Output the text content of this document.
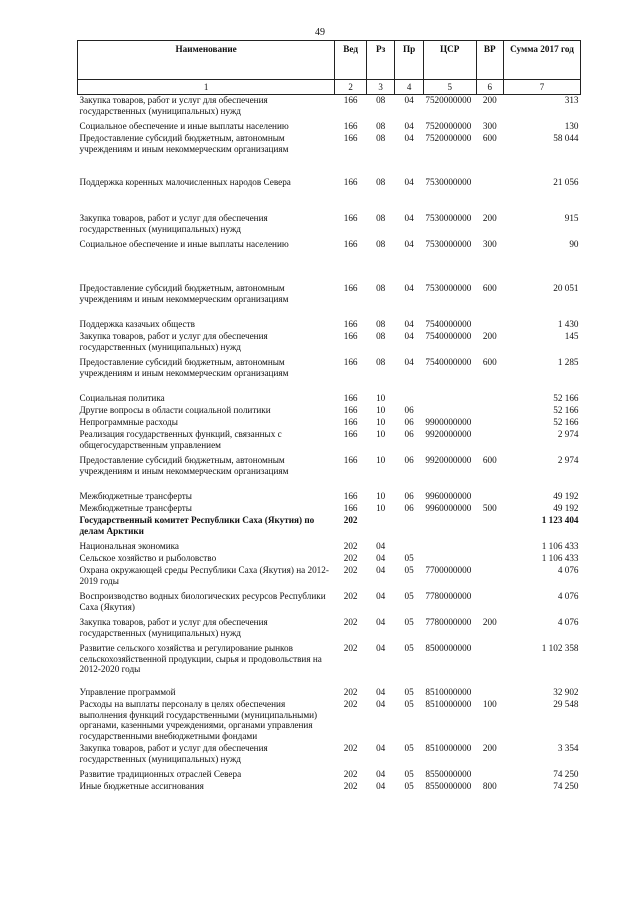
49
Наименование	Вед	Рз	Пр	ЦСР	ВР	Сумма 2017 год
1	2	3	4	5	6	7
Закупка товаров, работ и услуг для обеспечения государственных (муниципальных) нужд	166	08	04	7520000000	200	313
Социальное обеспечение и иные выплаты населению	166	08	04	7520000000	300	130
Предоставление субсидий бюджетным, автономным учреждениям и иным некоммерческим организациям	166	08	04	7520000000	600	58 044
Поддержка коренных малочисленных народов Севера	166	08	04	7530000000		21 056
Закупка товаров, работ и услуг для обеспечения государственных (муниципальных) нужд	166	08	04	7530000000	200	915
Социальное обеспечение и иные выплаты населению	166	08	04	7530000000	300	90
Предоставление субсидий бюджетным, автономным учреждениям и иным некоммерческим организациям	166	08	04	7530000000	600	20 051
Поддержка казачьих обществ	166	08	04	7540000000		1 430
Закупка товаров, работ и услуг для обеспечения государственных (муниципальных) нужд	166	08	04	7540000000	200	145
Предоставление субсидий бюджетным, автономным учреждениям и иным некоммерческим организациям	166	08	04	7540000000	600	1 285
Социальная политика	166	10				52 166
Другие вопросы в области социальной политики	166	10	06			52 166
Непрограммные расходы	166	10	06	9900000000		52 166
Реализация государственных функций, связанных с общегосударственным управлением	166	10	06	9920000000		2 974
Предоставление субсидий бюджетным, автономным учреждениям и иным некоммерческим организациям	166	10	06	9920000000	600	2 974
Межбюджетные трансферты	166	10	06	9960000000		49 192
Межбюджетные трансферты	166	10	06	9960000000	500	49 192
Государственный комитет Республики Саха (Якутия) по делам Арктики	202					1 123 404
Национальная экономика	202	04				1 106 433
Сельское хозяйство и рыболовство	202	04	05			1 106 433
Охрана окружающей среды Республики Саха (Якутия) на 2012-2019 годы	202	04	05	7700000000		4 076
Воспроизводство водных биологических ресурсов Республики Саха (Якутия)	202	04	05	7780000000		4 076
Закупка товаров, работ и услуг для обеспечения государственных (муниципальных) нужд	202	04	05	7780000000	200	4 076
Развитие сельского хозяйства и регулирование рынков сельскохозяйственной продукции, сырья и продовольствия на 2012-2020 годы	202	04	05	8500000000		1 102 358
Управление программой	202	04	05	8510000000		32 902
Расходы на выплаты персоналу в целях обеспечения выполнения функций государственными (муниципальными) органами, казенными учреждениями, органами управления государственными внебюджетными фондами	202	04	05	8510000000	100	29 548
Закупка товаров, работ и услуг для обеспечения государственных (муниципальных) нужд	202	04	05	8510000000	200	3 354
Развитие традиционных отраслей Севера	202	04	05	8550000000		74 250
Иные бюджетные ассигнования	202	04	05	8550000000	800	74 250
